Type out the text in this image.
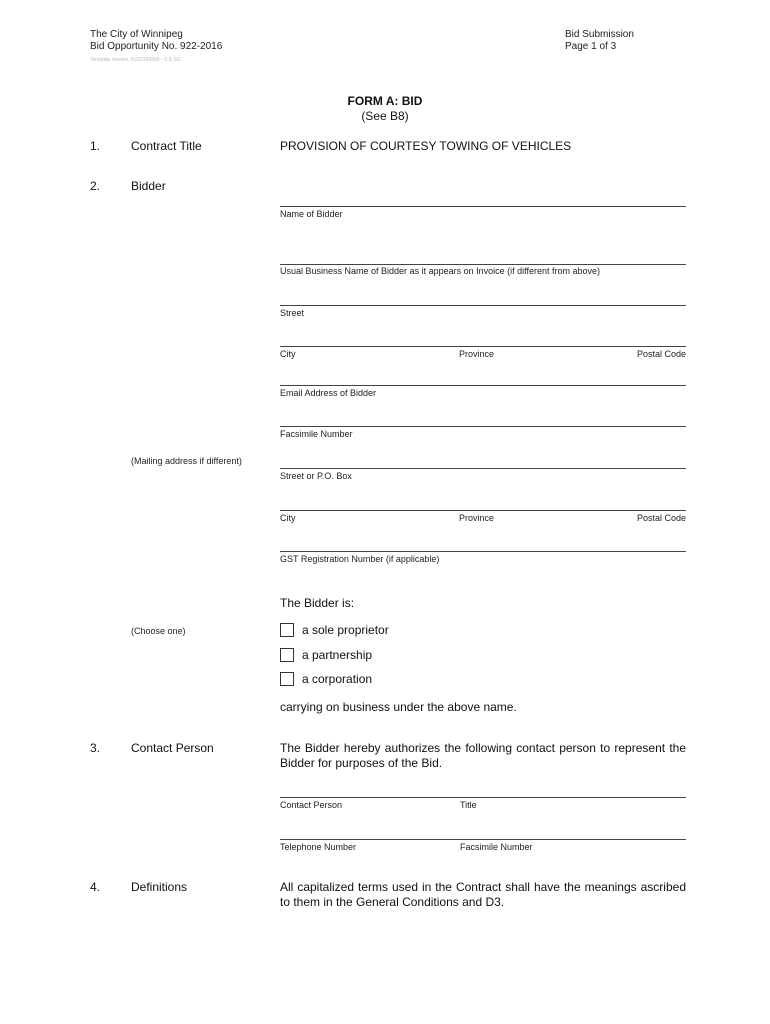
The City of Winnipeg
Bid Opportunity No. 922-2016
Template Version: B220150805 - S & SG
Bid Submission
Page 1 of 3
FORM A: BID
(See B8)
1.	Contract Title	PROVISION OF COURTESY TOWING OF VEHICLES
2.	Bidder
Name of Bidder
Usual Business Name of Bidder as it appears on Invoice (if different from above)
Street
City	Province	Postal Code
Email Address of Bidder
Facsimile Number
(Mailing address if different)
Street or P.O. Box
City	Province	Postal Code
GST Registration Number (if applicable)
The Bidder is:
(Choose one)	a sole proprietor
a partnership
a corporation
carrying on business under the above name.
3.	Contact Person	The Bidder hereby authorizes the following contact person to represent the Bidder for purposes of the Bid.
Contact Person	Title
Telephone Number	Facsimile Number
4.	Definitions	All capitalized terms used in the Contract shall have the meanings ascribed to them in the General Conditions and D3.
